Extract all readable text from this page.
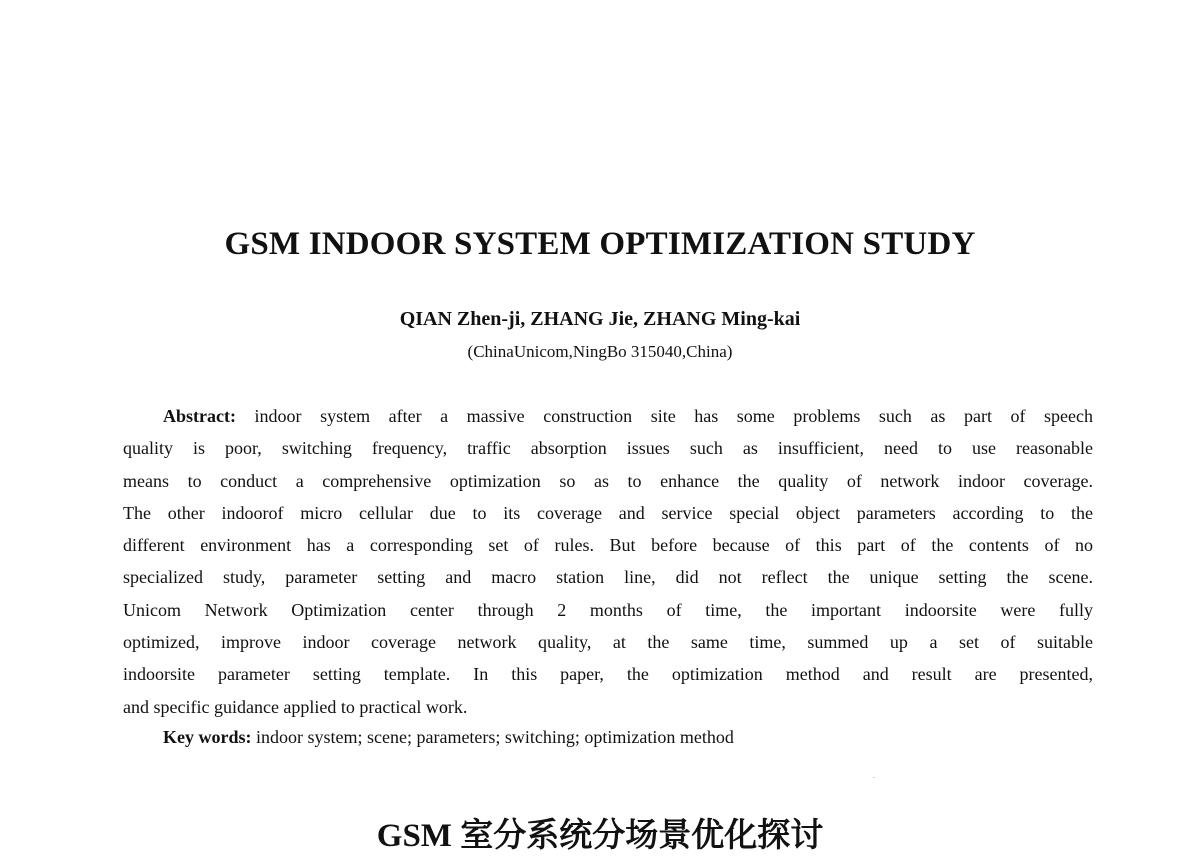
GSM INDOOR SYSTEM OPTIMIZATION STUDY
QIAN Zhen-ji, ZHANG Jie, ZHANG Ming-kai
(ChinaUnicom,NingBo 315040,China)
Abstract: indoor system after a massive construction site has some problems such as part of speech
quality is poor, switching frequency, traffic absorption issues such as insufficient, need to use reasonable
means to conduct a comprehensive optimization so as to enhance the quality of network indoor coverage.
The other indoorof micro cellular due to its coverage and service special object parameters according to the
different environment has a corresponding set of rules. But before because of this part of the contents of no
specialized study, parameter setting and macro station line, did not reflect the unique setting the scene.
Unicom Network Optimization center through 2 months of time, the important indoorsite were fully
optimized, improve indoor coverage network quality, at the same time, summed up a set of suitable
indoorsite parameter setting template. In this paper, the optimization method and result are presented,
and specific guidance applied to practical work.
Key words: indoor system; scene; parameters; switching; optimization method
GSM 室分系统分场景优化探讨
